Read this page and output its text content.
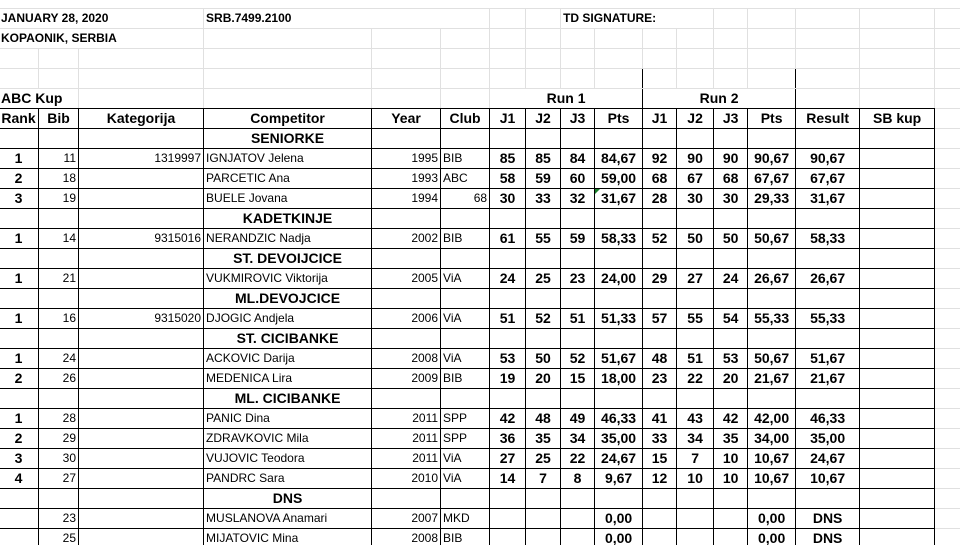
JANUARY 28, 2020			SRB.7499.2100					TD SIGNATURE:								
KOPAONIK, SERBIA																

ABC Kup						Run 1				Run 2						
Rank	Bib	Kategorija	Competitor	Year	Club	J1	J2	J3	Pts	J1	J2	J3	Pts	Result	SB kup	
			SENIORKE													
1	11	1319997	IGNJATOV Jelena	1995	BIB	85	85	84	84,67	92	90	90	90,67	90,67		
2	18		PARCETIC Ana	1993	ABC	58	59	60	59,00	68	67	68	67,67	67,67		
3	19		BUELE Jovana	1994	68	30	33	32	31,67	28	30	30	29,33	31,67		
			KADETKINJE													
1	14	9315016	NERANDZIC Nadja	2002	BIB	61	55	59	58,33	52	50	50	50,67	58,33		
			ST. DEVOIJCICE													
1	21		VUKMIROVIC Viktorija	2005	ViA	24	25	23	24,00	29	27	24	26,67	26,67		
			ML.DEVOJCICE													
1	16	9315020	DJOGIC Andjela	2006	ViA	51	52	51	51,33	57	55	54	55,33	55,33		
			ST. CICIBANKE													
1	24		ACKOVIC Darija	2008	ViA	53	50	52	51,67	48	51	53	50,67	51,67		
2	26		MEDENICA Lira	2009	BIB	19	20	15	18,00	23	22	20	21,67	21,67		
			ML. CICIBANKE													
1	28		PANIC Dina	2011	SPP	42	48	49	46,33	41	43	42	42,00	46,33		
2	29		ZDRAVKOVIC Mila	2011	SPP	36	35	34	35,00	33	34	35	34,00	35,00		
3	30		VUJOVIC Teodora	2011	ViA	27	25	22	24,67	15	7	10	10,67	24,67		
4	27		PANDRC Sara	2010	ViA	14	7	8	9,67	12	10	10	10,67	10,67		
			DNS													
	23		MUSLANOVA Anamari	2007	MKD				0,00				0,00	DNS		
	25		MIJATOVIC Mina	2008	BIB				0,00				0,00	DNS		
